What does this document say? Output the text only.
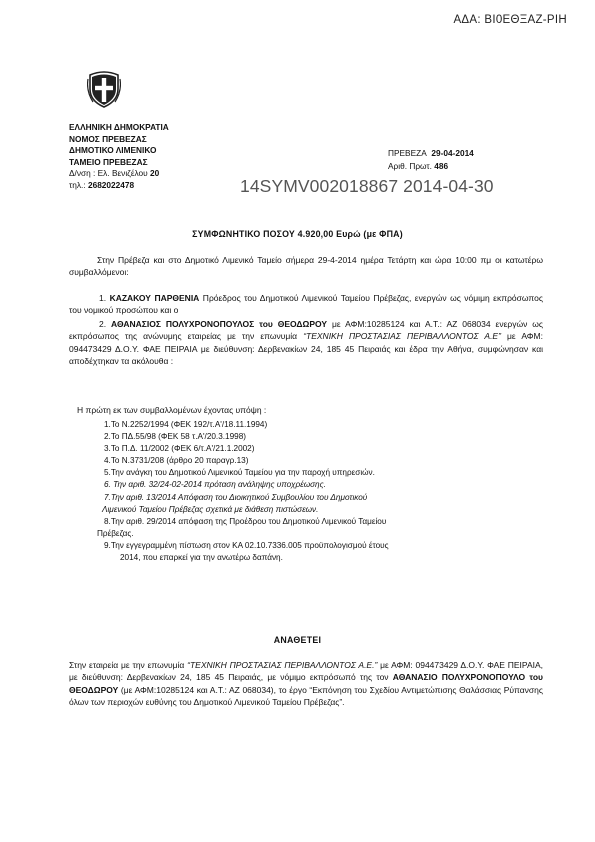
ΑΔΑ: ΒΙ0ΕΘΞΑΖ-ΡΙΗ
ΕΛΛΗΝΙΚΗ ΔΗΜΟΚΡΑΤΙΑ
ΝΟΜΟΣ ΠΡΕΒΕΖΑΣ
ΔΗΜΟΤΙΚΟ ΛΙΜΕΝΙΚΟ
ΤΑΜΕΙΟ ΠΡΕΒΕΖΑΣ
Δ/νση : Ελ. Βενιζέλου 20
τηλ.: 2682022478
ΠΡΕΒΕΖΑ 29-04-2014
Αριθ. Πρωτ. 486
14SYMV002018867 2014-04-30
ΣΥΜΦΩΝΗΤΙΚΟ ΠΟΣΟΥ 4.920,00 Ευρώ (με ΦΠΑ)
Στην Πρέβεζα και στο Δημοτικό Λιμενικό Ταμείο σήμερα 29-4-2014 ημέρα Τετάρτη και ώρα 10:00 πμ οι κατωτέρω συμβαλλόμενοι:
1. ΚΑΖΑΚΟΥ ΠΑΡΘΕΝΙΑ Πρόεδρος του Δημοτικού Λιμενικού Ταμείου Πρέβεζας, ενεργών ως νόμιμη εκπρόσωπος του νομικού προσώπου και ο
2. ΑΘΑΝΑΣΙΟΣ ΠΟΛΥΧΡΟΝΟΠΟΥΛΟΣ του ΘΕΟΔΩΡΟΥ με ΑΦΜ:10285124 και Α.Τ.: ΑΖ 068034 ενεργών ως εκπρόσωπος της ανώνυμης εταιρείας με την επωνυμία “ΤΕΧΝΙΚΗ ΠΡΟΣΤΑΣΙΑΣ ΠΕΡΙΒΑΛΛΟΝΤΟΣ Α.Ε” με ΑΦΜ: 094473429 Δ.Ο.Υ. ΦΑΕ ΠΕΙΡΑΙΑ με διεύθυνση: Δερβενακίων 24, 185 45 Πειραιάς και έδρα την Αθήνα, συμφώνησαν και αποδέχτηκαν τα ακόλουθα :
Η πρώτη εκ των συμβαλλομένων έχοντας υπόψη :
1.Το Ν.2252/1994 (ΦΕΚ 192/τ.Α'/18.11.1994)
2.Το ΠΔ.55/98 (ΦΕΚ 58 τ.Α'/20.3.1998)
3.Το Π.Δ. 11/2002 (ΦΕΚ 6/τ.Α'/21.1.2002)
4.Το Ν.3731/208 (άρθρο 20 παραγρ.13)
5.Την ανάγκη του Δημοτικού Λιμενικού Ταμείου για την παροχή υπηρεσιών.
6. Την αριθ. 32/24-02-2014 πρόταση ανάληψης υποχρέωσης.
7.Την αριθ. 13/2014 Απόφαση του Διοικητικού Συμβουλίου του Δημοτικού
Λιμενικού Ταμείου Πρέβεζας σχετικά με διάθεση πιστώσεων.
8.Την αριθ. 29/2014 απόφαση της Προέδρου του Δημοτικού Λιμενικού Ταμείου
Πρέβεζας.
9.Την εγγεγραμμένη πίστωση στον ΚΑ 02.10.7336.005 προϋπολογισμού έτους
2014, που επαρκεί για την ανωτέρω δαπάνη.
ΑΝΑΘΕΤΕΙ
Στην εταιρεία με την επωνυμία “ΤΕΧΝΙΚΗ ΠΡΟΣΤΑΣΙΑΣ ΠΕΡΙΒΑΛΛΟΝΤΟΣ Α.Ε.” με ΑΦΜ: 094473429 Δ.Ο.Υ. ΦΑΕ ΠΕΙΡΑΙΑ, με διεύθυνση: Δερβενακίων 24, 185 45 Πειραιάς, με νόμιμο εκπρόσωπό της τον ΑΘΑΝΑΣΙΟ ΠΟΛΥΧΡΟΝΟΠΟΥΛΟ του ΘΕΟΔΩΡΟΥ (με ΑΦΜ:10285124 και Α.Τ.: ΑΖ 068034), το έργο “Εκπόνηση του Σχεδίου Αντιμετώπισης Θαλάσσιας Ρύπανσης όλων των περιοχών ευθύνης του Δημοτικού Λιμενικού Ταμείου Πρέβεζας”.
